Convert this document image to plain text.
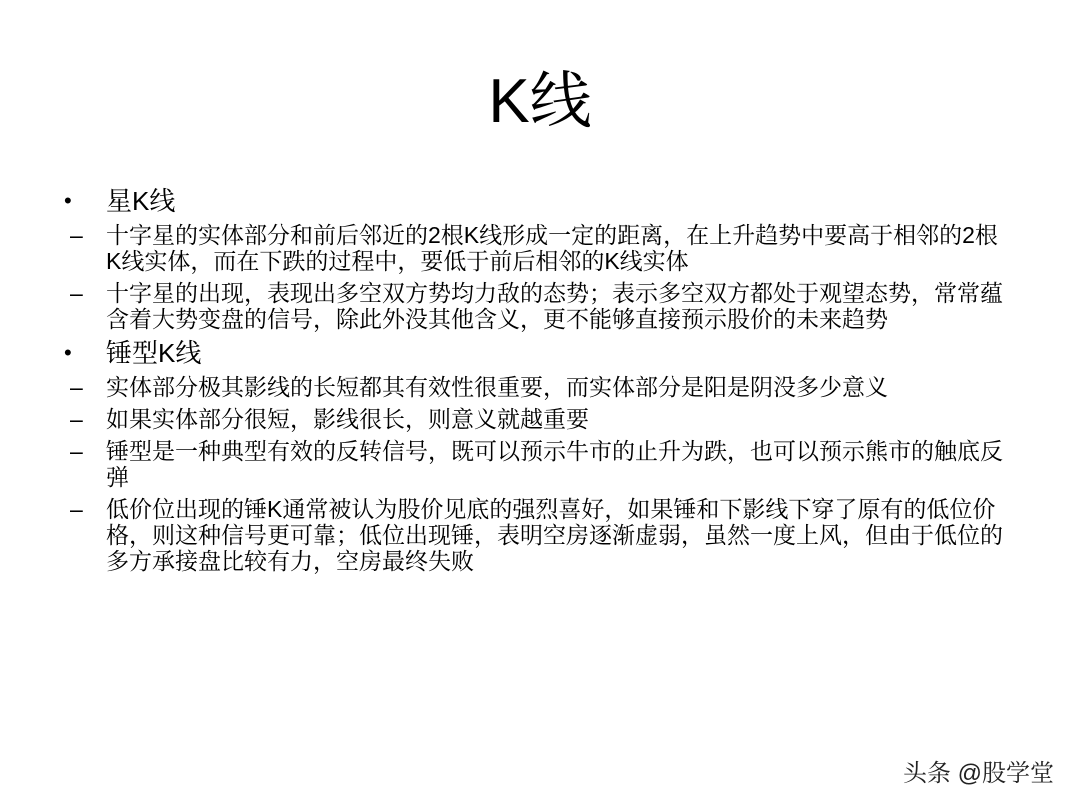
K线
• 星K线
– 十字星的实体部分和前后邻近的2根K线形成一定的距离，在上升趋势中要高于相邻的2根K线实体，而在下跌的过程中，要低于前后相邻的K线实体
– 十字星的出现，表现出多空双方势均力敌的态势；表示多空双方都处于观望态势，常常蕴含着大势变盘的信号，除此外没其他含义，更不能够直接预示股价的未来趋势
• 锤型K线
– 实体部分极其影线的长短都其有效性很重要，而实体部分是阳是阴没多少意义
– 如果实体部分很短，影线很长，则意义就越重要
– 锤型是一种典型有效的反转信号，既可以预示牛市的止升为跌，也可以预示熊市的触底反弹
– 低价位出现的锤K通常被认为股价见底的强烈喜好，如果锤和下影线下穿了原有的低位价格，则这种信号更可靠；低位出现锤，表明空房逐渐虚弱，虽然一度上风，但由于低位的多方承接盘比较有力，空房最终失败
头条 @股学堂
